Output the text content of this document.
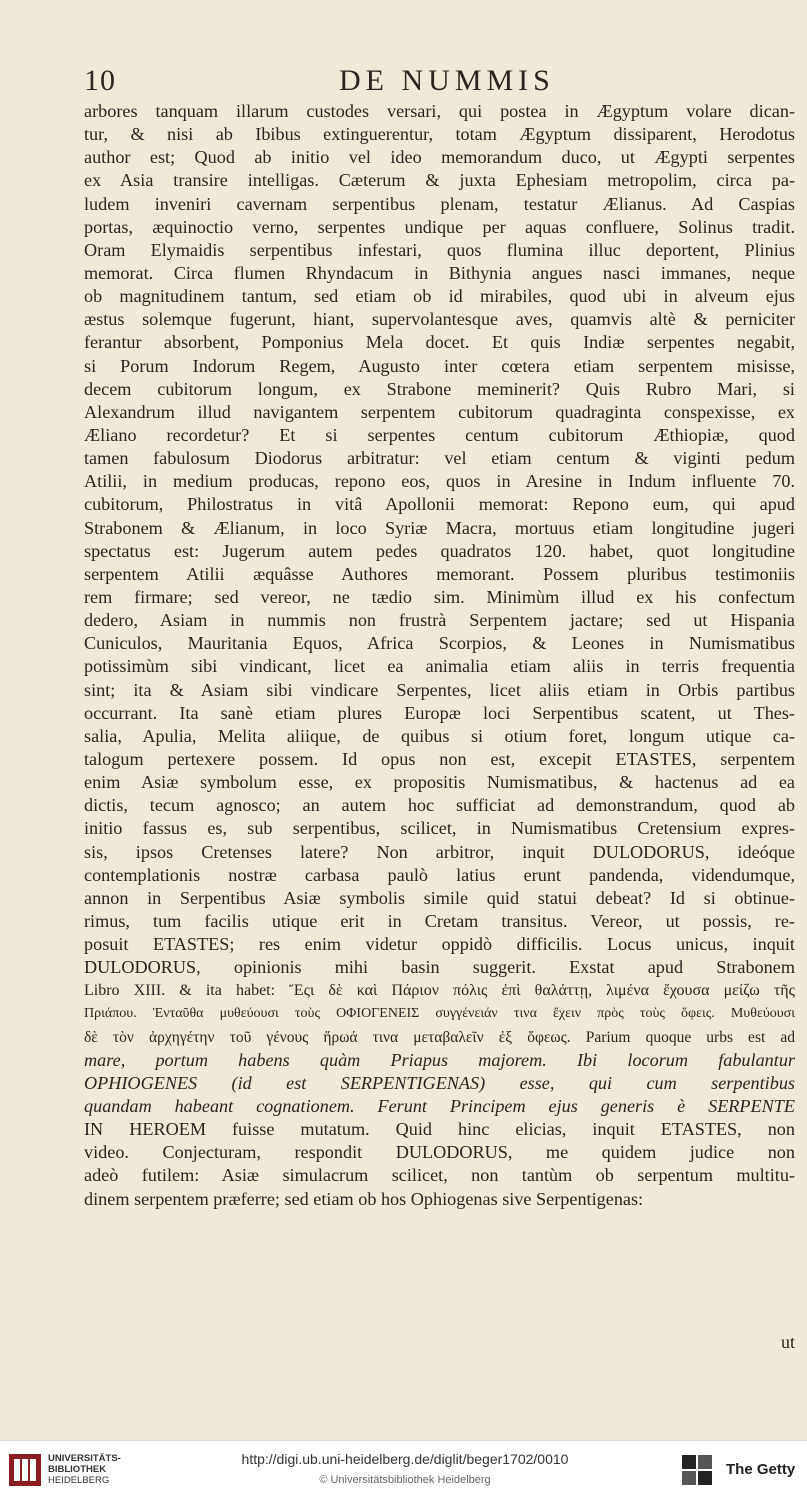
10	DE NUMMIS
arbores tanquam illarum custodes versari, qui postea in Ægyptum volare dican-
tur, & nisi ab Ibibus extinguerentur, totam Ægyptum dissiparent, Herodotus
author est; Quod ab initio vel ideo memorandum duco, ut Ægypti serpentes
ex Asia transire intelligas. Cæterum & juxta Ephesiam metropolim, circa pa-
ludem inveniri cavernam serpentibus plenam, testatur Ælianus. Ad Caspias
portas, æquinoctio verno, serpentes undique per aquas confluere, Solinus tradit.
Oram Elymaidis serpentibus infestari, quos flumina illuc deportent, Plinius
memorat. Circa flumen Rhyndacum in Bithynia angues nasci immanes, neque
ob magnitudinem tantum, sed etiam ob id mirabiles, quod ubi in alveum ejus
æstus solemque fugerunt, hiant, supervolantesque aves, quamvis altè & perniciter
ferantur absorbent, Pomponius Mela docet. Et quis Indiæ serpentes negabit,
si Porum Indorum Regem, Augusto inter cœtera etiam serpentem misisse,
decem cubitorum longum, ex Strabone meminerit? Quis Rubro Mari, si
Alexandrum illud navigantem serpentem cubitorum quadraginta conspexisse, ex
Æliano recordetur? Et si serpentes centum cubitorum Æthiopiæ, quod
tamen fabulosum Diodorus arbitratur: vel etiam centum & viginti pedum
Atilii, in medium producas, repono eos, quos in Aresine in Indum influente 70.
cubitorum, Philostratus in vitâ Apollonii memorat: Repono eum, qui apud
Strabonem & Ælianum, in loco Syriæ Macra, mortuus etiam longitudine jugeri
spectatus est: Jugerum autem pedes quadratos 120. habet, quot longitudine
serpentem Atilii æquâsse Authores memorant. Possem pluribus testimoniis
rem firmare; sed vereor, ne tædio sim. Minimùm illud ex his confectum
dedero, Asiam in nummis non frustrà Serpentem jactare; sed ut Hispania
Cuniculos, Mauritania Equos, Africa Scorpios, & Leones in Numismatibus
potissimùm sibi vindicant, licet ea animalia etiam aliis in terris frequentia
sint; ita & Asiam sibi vindicare Serpentes, licet aliis etiam in Orbis partibus
occurrant. Ita sanè etiam plures Europæ loci Serpentibus scatent, ut Thes-
salia, Apulia, Melita aliique, de quibus si otium foret, longum utique ca-
talogum pertexere possem. Id opus non est, excepit ETASTES, serpentem
enim Asiæ symbolum esse, ex propositis Numismatibus, & hactenus ad ea
dictis, tecum agnosco; an autem hoc sufficiat ad demonstrandum, quod ab
initio fassus es, sub serpentibus, scilicet, in Numismatibus Cretensium expres-
sis, ipsos Cretenses latere? Non arbitror, inquit DULODORUS, ideóque
contemplationis nostræ carbasa paulò latius erunt pandenda, videndumque,
annon in Serpentibus Asiæ symbolis simile quid statui debeat? Id si obtinue-
rimus, tum facilis utique erit in Cretam transitus. Vereor, ut possis, re-
posuit ETASTES; res enim videtur oppidò difficilis. Locus unicus, inquit
DULODORUS, opinionis mihi basin suggerit. Exstat apud Strabonem
Libro XIII. & ita habet: Ἔςι δὲ καὶ Πάριον πόλις ἐπὶ θαλάττῃ, λιμένα ἔχουσα μείζω τῆς
Πριάπου. Ἐνταῦθα μυθεύουσι τοὺς ΟΦΙΟΓΕΝΕΙΣ συγγένειάν τινα ἔχειν πρὸς τοὺς ὄφεις. Μυθεύουσι
δὲ τὸν ἀρχηγέτην τοῦ γένους ἥρωά τινα μεταβαλεῖν ἐξ ὄφεως. Parium quoque urbs est ad
mare, portum habens quàm Priapus majorem. Ibi locorum fabulantur
OPHIOGENES (id est SERPENTIGENAS) esse, qui cum serpentibus
quandam habeant cognationem. Ferunt Principem ejus generis è SERPENTE
IN HEROEM fuisse mutatum. Quid hinc elicias, inquit ETASTES, non
video. Conjecturam, respondit DULODORUS, me quidem judice non
adeò futilem: Asiæ simulacrum scilicet, non tantùm ob serpentum multitu-
dinem serpentem præferre; sed etiam ob hos Ophiogenas sive Serpentigenas:
ut
UNIVERSITÄTS-
BIBLIOTHEK
HEIDELBERG
http://digi.ub.uni-heidelberg.de/diglit/beger1702/0010
© Universitätsbibliothek Heidelberg
The Getty
